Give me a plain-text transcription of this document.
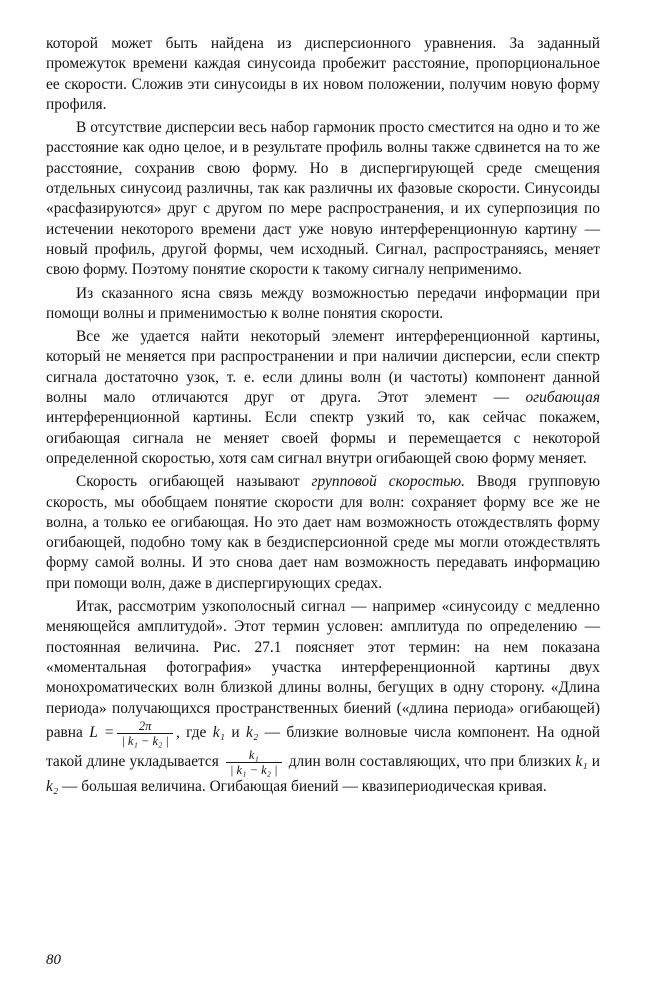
которой может быть найдена из дисперсионного уравнения. За заданный промежуток времени каждая синусоида пробежит расстояние, пропорциональное ее скорости. Сложив эти синусоиды в их новом положении, получим новую форму профиля.

В отсутствие дисперсии весь набор гармоник просто сместится на одно и то же расстояние как одно целое, и в результате профиль волны также сдвинется на то же расстояние, сохранив свою форму. Но в диспергирующей среде смещения отдельных синусоид различны, так как различны их фазовые скорости. Синусоиды «расфазируются» друг с другом по мере распространения, и их суперпозиция по истечении некоторого времени даст уже новую интерференционную картину — новый профиль, другой формы, чем исходный. Сигнал, распространяясь, меняет свою форму. Поэтому понятие скорости к такому сигналу неприменимо.

Из сказанного ясна связь между возможностью передачи информации при помощи волны и применимостью к волне понятия скорости.

Все же удается найти некоторый элемент интерференционной картины, который не меняется при распространении и при наличии дисперсии, если спектр сигнала достаточно узок, т. е. если длины волн (и частоты) компонент данной волны мало отличаются друг от друга. Этот элемент — огибающая интерференционной картины. Если спектр узкий то, как сейчас покажем, огибающая сигнала не меняет своей формы и перемещается с некоторой определенной скоростью, хотя сам сигнал внутри огибающей свою форму меняет.

Скорость огибающей называют групповой скоростью. Вводя групповую скорость, мы обобщаем понятие скорости для волн: сохраняет форму все же не волна, а только ее огибающая. Но это дает нам возможность отождествлять форму огибающей, подобно тому как в бездисперсионной среде мы могли отождествлять форму самой волны. И это снова дает нам возможность передавать информацию при помощи волн, даже в диспергирующих средах.

Итак, рассмотрим узкополосный сигнал — например «синусоиду с медленно меняющейся амплитудой». Этот термин условен: амплитуда по определению — постоянная величина. Рис. 27.1 поясняет этот термин: на нем показана «моментальная фотография» участка интерференционной картины двух монохроматических волн близкой длины волны, бегущих в одну сторону. «Длина периода» получающихся пространственных биений («длина периода» огибающей) равна $L = \frac{2\pi}{\text{| k₁ − k₂ |}}$ , где k₁ и k₂ — близкие волновые числа компонент. На одной такой длине укладывается $\frac{\text{k₁}}{\text{| k₁ − k₂ |}}$ длин волн составляющих, что при близких k₁ и k₂ — большая величина. Огибающая биений — квазипериодическая кривая.

80
